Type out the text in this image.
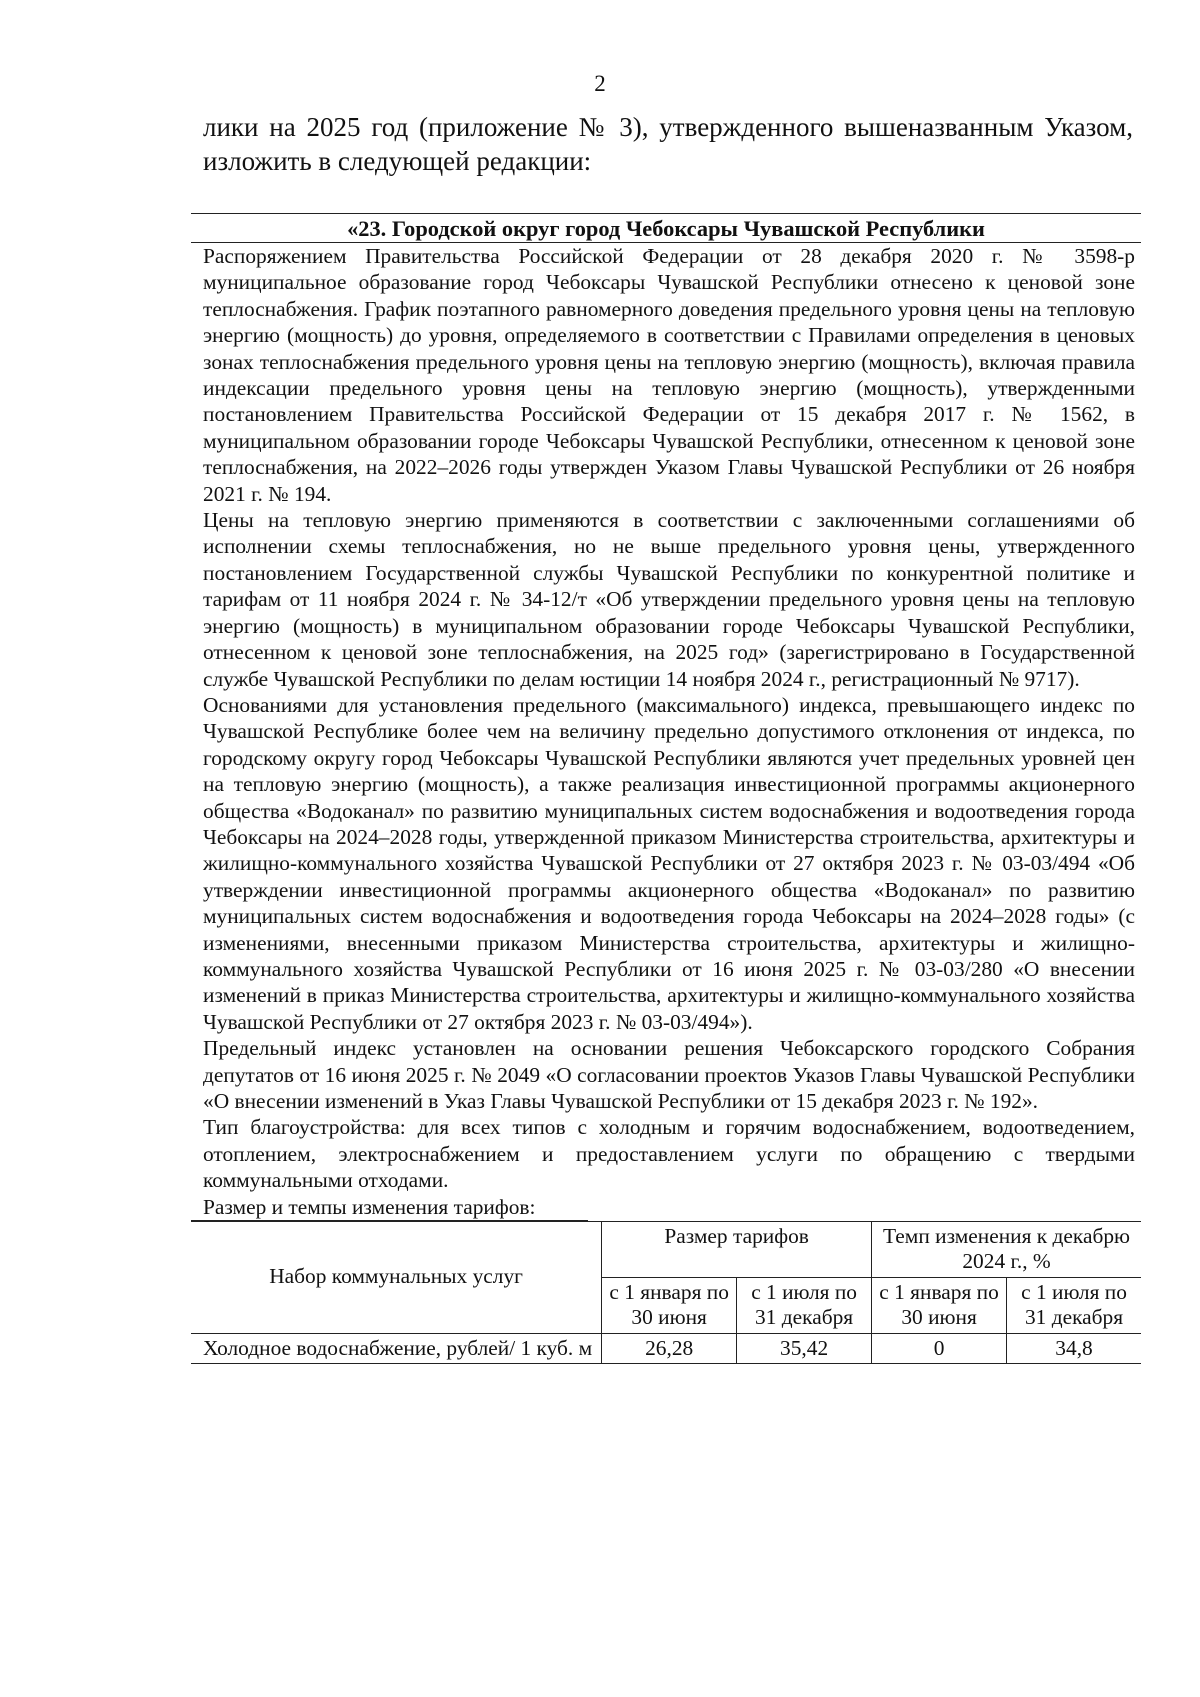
2

лики на 2025 год (приложение № 3), утвержденного вышеназванным Указом, изложить в следующей редакции:

«23. Городской округ город Чебоксары Чувашской Республики

Распоряжением Правительства Российской Федерации от 28 декабря 2020 г. № 3598-р муниципальное образование город Чебоксары Чувашской Республики отнесено к ценовой зоне теплоснабжения. График поэтапного равномерного доведения предельного уровня цены на тепловую энергию (мощность) до уровня, определяемого в соответствии с Правилами определения в ценовых зонах теплоснабжения предельного уровня цены на тепловую энергию (мощность), включая правила индексации предельного уровня цены на тепловую энергию (мощность), утвержденными постановлением Правительства Российской Федерации от 15 декабря 2017 г. № 1562, в муниципальном образовании городе Чебоксары Чувашской Республики, отнесенном к ценовой зоне теплоснабжения, на 2022–2026 годы утвержден Указом Главы Чувашской Республики от 26 ноября 2021 г. № 194.

Цены на тепловую энергию применяются в соответствии с заключенными соглашениями об исполнении схемы теплоснабжения, но не выше предельного уровня цены, утвержденного постановлением Государственной службы Чувашской Республики по конкурентной политике и тарифам от 11 ноября 2024 г. № 34-12/т «Об утверждении предельного уровня цены на тепловую энергию (мощность) в муниципальном образовании городе Чебоксары Чувашской Республики, отнесенном к ценовой зоне теплоснабжения, на 2025 год» (зарегистрировано в Государственной службе Чувашской Республики по делам юстиции 14 ноября 2024 г., регистрационный № 9717).

Основаниями для установления предельного (максимального) индекса, превышающего индекс по Чувашской Республике более чем на величину предельно допустимого отклонения от индекса, по городскому округу город Чебоксары Чувашской Республики являются учет предельных уровней цен на тепловую энергию (мощность), а также реализация инвестиционной программы акционерного общества «Водоканал» по развитию муниципальных систем водоснабжения и водоотведения города Чебоксары на 2024–2028 годы, утвержденной приказом Министерства строительства, архитектуры и жилищно-коммунального хозяйства Чувашской Республики от 27 октября 2023 г. № 03-03/494 «Об утверждении инвестиционной программы акционерного общества «Водоканал» по развитию муниципальных систем водоснабжения и водоотведения города Чебоксары на 2024–2028 годы» (с изменениями, внесенными приказом Министерства строительства, архитектуры и жилищно-коммунального хозяйства Чувашской Республики от 16 июня 2025 г. № 03-03/280 «О внесении изменений в приказ Министерства строительства, архитектуры и жилищно-коммунального хозяйства Чувашской Республики от 27 октября 2023 г. № 03-03/494»).

Предельный индекс установлен на основании решения Чебоксарского городского Собрания депутатов от 16 июня 2025 г. № 2049 «О согласовании проектов Указов Главы Чувашской Республики «О внесении изменений в Указ Главы Чувашской Республики от 15 декабря 2023 г. № 192».

Тип благоустройства: для всех типов с холодным и горячим водоснабжением, водоотведением, отоплением, электроснабжением и предоставлением услуги по обращению с твердыми коммунальными отходами.

Размер и темпы изменения тарифов:

Набор коммунальных услуг	Размер тарифов		Темп изменения к декабрю 2024 г., %	
	с 1 января по 30 июня	с 1 июля по 31 декабря	с 1 января по 30 июня	с 1 июля по 31 декабря
Холодное водоснабжение, рублей/ 1 куб. м	26,28	35,42	0	34,8
